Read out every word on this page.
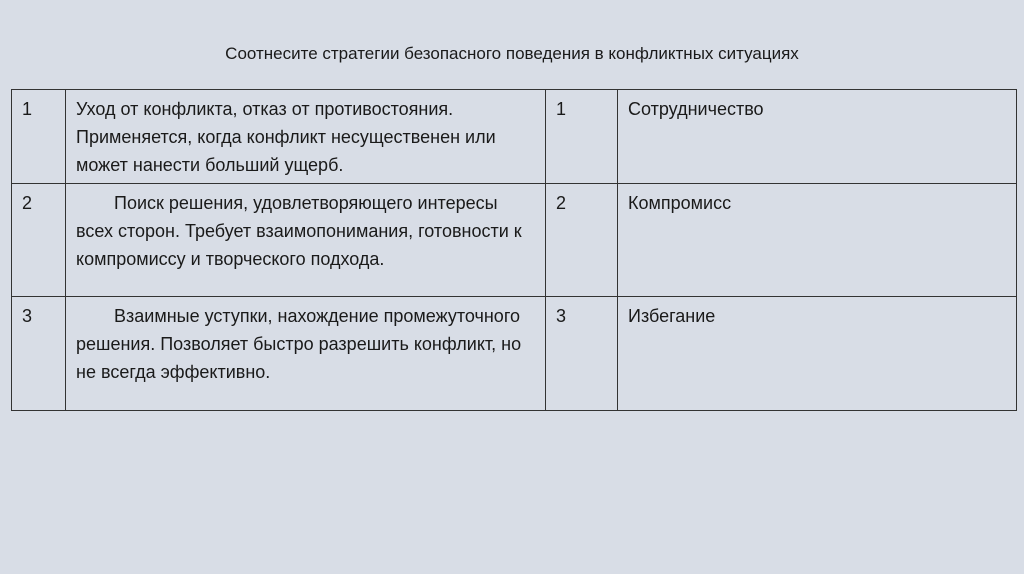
Соотнесите стратегии безопасного поведения в конфликтных ситуациях
1	Уход от конфликта, отказ от противостояния. Применяется, когда конфликт несущественен или может нанести больший ущерб.	1	Сотрудничество
2	Поиск решения, удовлетворяющего интересы всех сторон. Требует взаимопонимания, готовности к компромиссу и творческого подхода.	2	Компромисс
3	Взаимные уступки, нахождение промежуточного решения. Позволяет быстро разрешить конфликт, но не всегда эффективно.	3	Избегание
